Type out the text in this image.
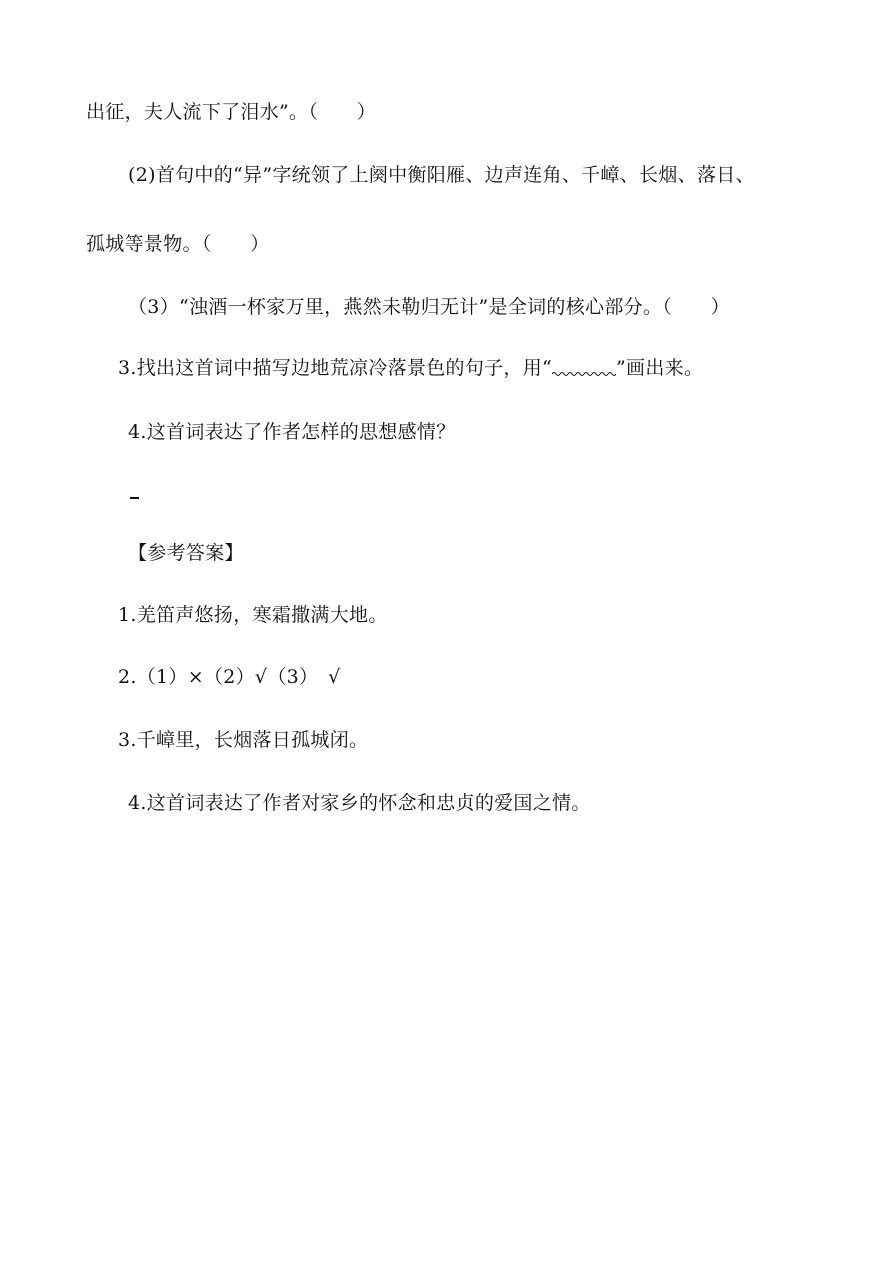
出征，夫人流下了泪水”。（　　）
(2)首句中的“异”字统领了上阕中衡阳雁、边声连角、千嶂、长烟、落日、
孤城等景物。（　　）
（3）“浊酒一杯家万里，燕然未勒归无计”是全词的核心部分。（　　）
3.找出这首词中描写边地荒凉冷落景色的句子，用“	”画出来。
4.这首词表达了作者怎样的思想感情？
【参考答案】
1.羌笛声悠扬，寒霜撒满大地。
2.（1）×（2）√（3）　√
3.千嶂里，长烟落日孤城闭。
4.这首词表达了作者对家乡的怀念和忠贞的爱国之情。
